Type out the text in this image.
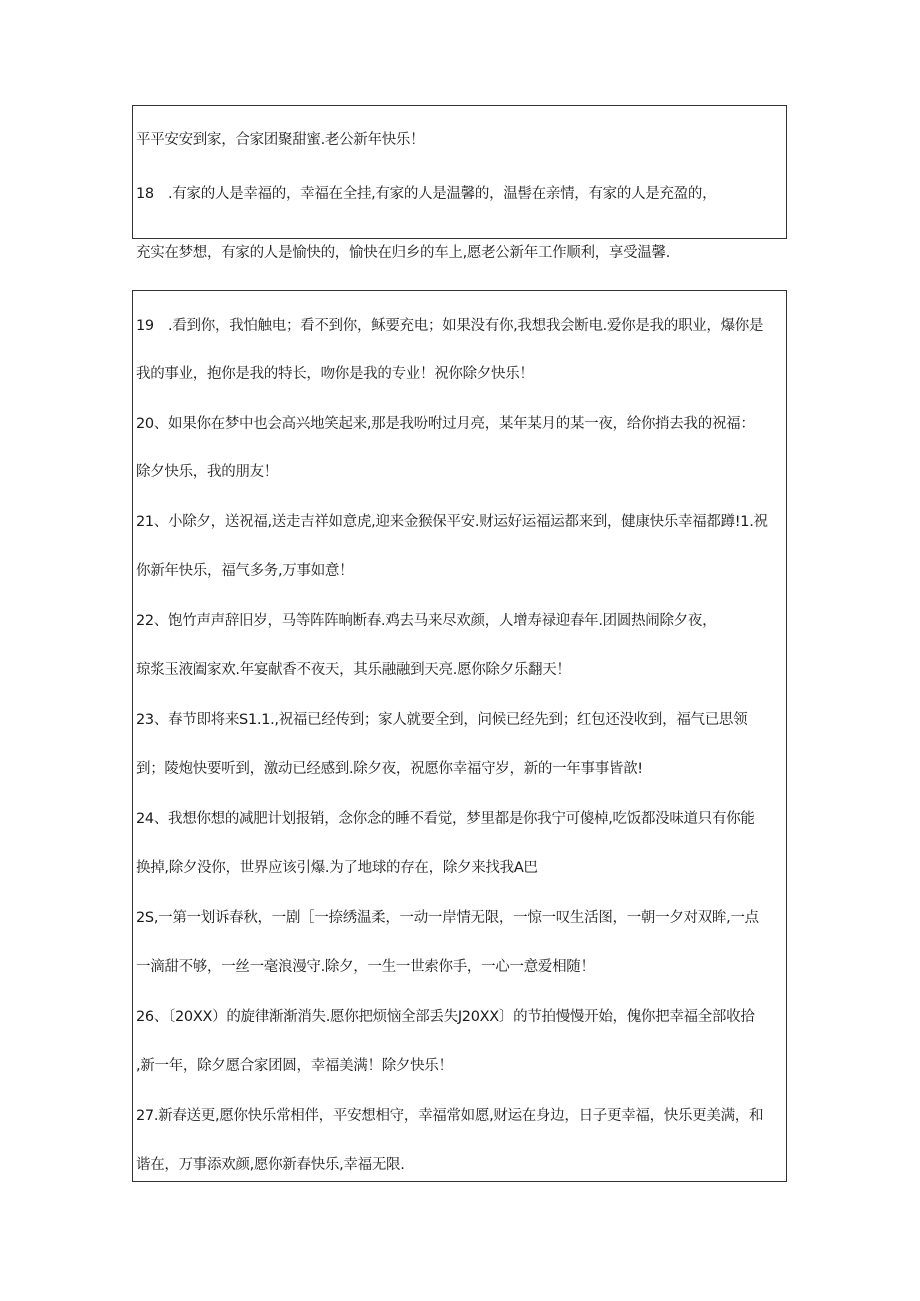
平平安安到家，合家团聚甜蜜.老公新年快乐！
18　.有家的人是幸福的，幸福在全挂,有家的人是温馨的，温髻在亲情，有家的人是充盈的，
充实在梦想，有家的人是愉快的，愉快在归乡的车上,愿老公新年工作顺利，享受温馨.
19　.看到你，我怕触电；看不到你，稣要充电；如果没有你,我想我会断电.爱你是我的职业，爆你是
我的事业，抱你是我的特长，吻你是我的专业！祝你除夕快乐！
20、如果你在梦中也会高兴地笑起来,那是我吩咐过月亮，某年某月的某一夜，给你捎去我的祝福：
除夕快乐，我的朋友！
21、小除夕，送祝福,送走吉祥如意虎,迎来金猴保平安.财运好运福运都来到，健康快乐幸福都蹲!1.祝
你新年快乐，福气多务,万事如意！
22、饱竹声声辞旧岁，马等阵阵晌断春.鸡去马来尽欢颜，人增寿禄迎春年.团圆热闹除夕夜，
琼浆玉液阖家欢.年宴献香不夜天，其乐融融到天亮.愿你除夕乐翻天！
23、春节即将来S1.1.,祝福已经传到；家人就要全到，问候已经先到；红包还没收到，福气已思领
到；陵炮快要听到，激动已经感到.除夕夜，祝愿你幸福守岁，新的一年事事皆歆!
24、我想你想的减肥计划报销，念你念的睡不看觉，梦里都是你我宁可傻棹,吃饭都没味道只有你能
换掉,除夕没你，世界应该引爆.为了地球的存在，除夕来找我A巴
2S,一第一划诉春秋，一剧［一捺绣温柔，一动一岸情无限，一惊一叹生活图，一朝一夕对双眸,一点
一滴甜不够，一丝一毫浪漫守.除夕，一生一世索你手，一心一意爱相随！
26、〔20XX）的旋律渐渐消失.愿你把烦恼全部丢失J20XX〕的节拍慢慢开始，傀你把幸福全部收拾
,新一年，除夕愿合家团圆，幸福美满！除夕快乐！
27.新春送更,愿你快乐常相伴，平安想相守，幸福常如愿,财运在身边，日子更幸福，快乐更美满，和
谐在，万事添欢颜,愿你新春快乐,幸福无限.
